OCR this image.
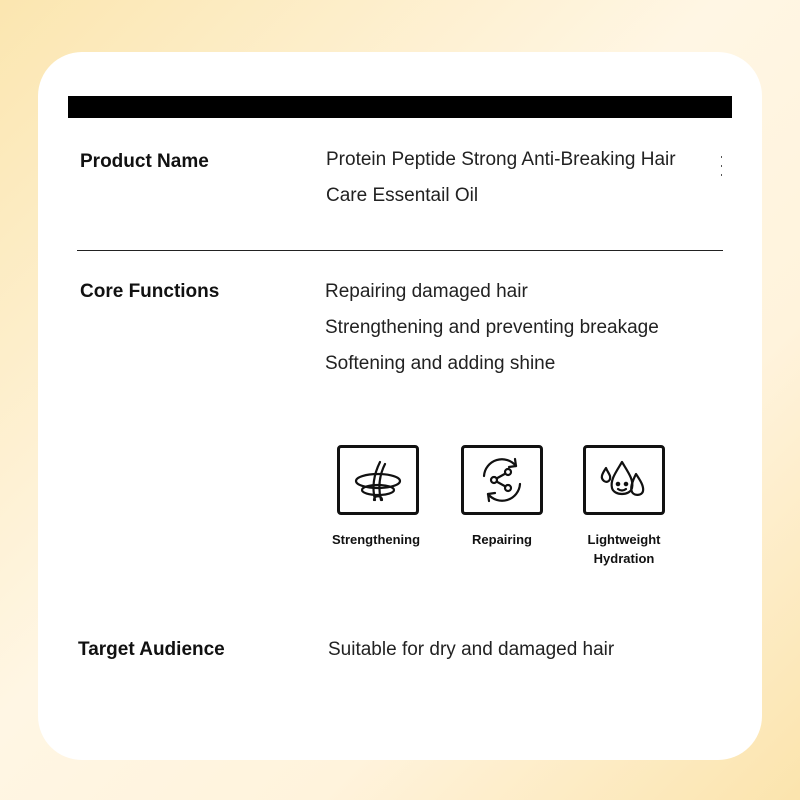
Product Name	Protein Peptide Strong Anti-Breaking Hair
Care Essentail Oil
Core Functions	Repairing damaged hair
Strengthening and preventing breakage
Softening and adding shine
Strengthening	Repairing	Lightweight
Hydration
Target Audience	Suitable for dry and damaged hair
